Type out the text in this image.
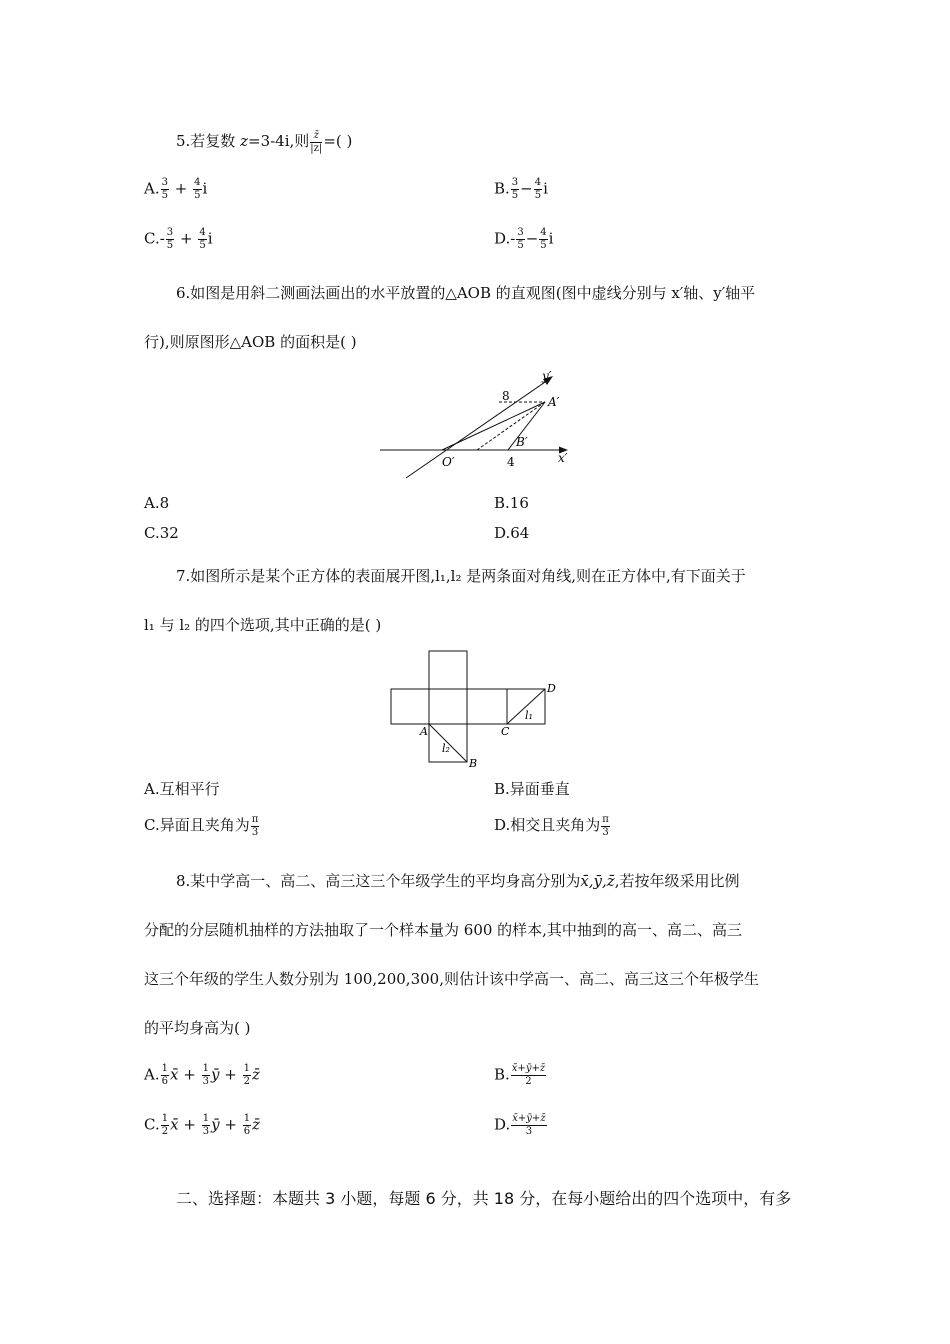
5.若复数 z=3-4i,则 $\frac{z̄}{|z|}$ =( )
A. $\frac{3}{5} + \frac{4}{5}$ i	B. $\frac{3}{5} - \frac{4}{5}$ i
$C.- \frac{3}{5} + \frac{4}{5}$ i	$D.- \frac{3}{5} - \frac{4}{5}$ i
6.如图是用斜二测画法画出的水平放置的△AOB 的直观图(图中虚线分别与 x′轴、y′轴平
行),则原图形△AOB 的面积是( )
8	A′
B′
O′	4	x′
y′
A.8	B.16
C.32	D.64
7.如图所示是某个正方体的表面展开图,l₁,l₂ 是两条面对角线,则在正方体中,有下面关于
l₁ 与 l₂ 的四个选项,其中正确的是( )
A
B
C
D
l₁
l₂
A.互相平行	B.异面垂直
C.异面且夹角为 $\frac{\pi}{3}$	D.相交且夹角为 $\frac{\pi}{3}$
8.某中学高一、高二、高三这三个年级学生的平均身高分别为x̄,ȳ,z̄,若按年级采用比例
分配的分层随机抽样的方法抽取了一个样本量为 600 的样本,其中抽到的高一、高二、高三
这三个年级的学生人数分别为 100,200,300,则估计该中学高一、高二、高三这三个年极学生
的平均身高为( )
A. $\frac{1}{6}$ x̄ + $\frac{1}{3}$ ȳ + $\frac{1}{2}$ z̄	B. $\frac{x̄+ȳ+z̄}{2}$
C. $\frac{1}{2}$ x̄ + $\frac{1}{3}$ ȳ + $\frac{1}{6}$ z̄	D. $\frac{x̄+ȳ+z̄}{3}$
二、选择题：本题共 3 小题，每题 6 分，共 18 分，在每小题给出的四个选项中，有多
